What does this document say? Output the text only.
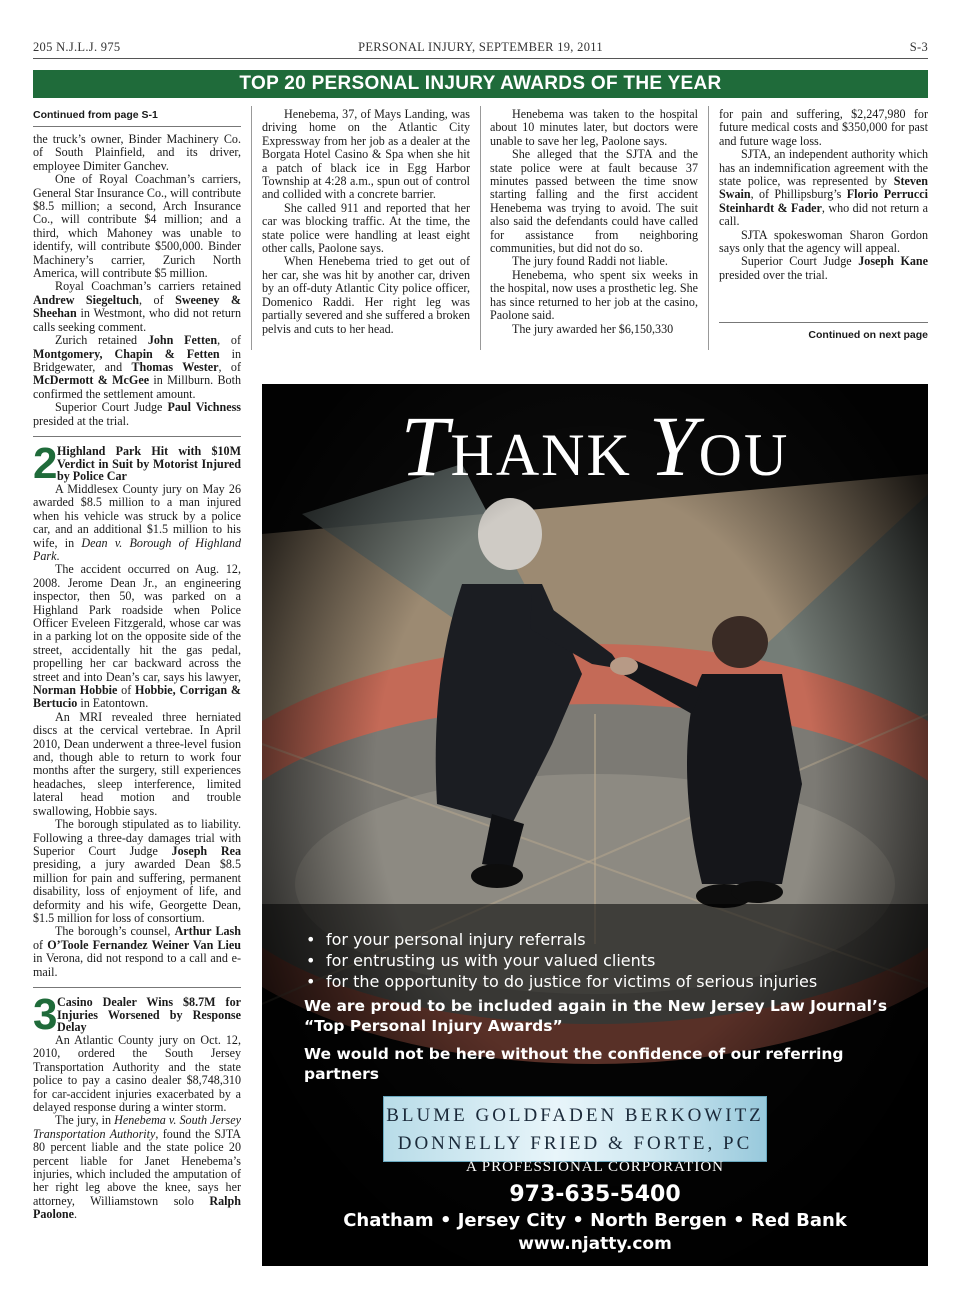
205 N.J.L.J. 975	PERSONAL INJURY, SEPTEMBER 19, 2011	S-3
TOP 20 PERSONAL INJURY AWARDS OF THE YEAR
Continued from page S-1

the truck’s owner, Binder Machinery Co. of South Plainfield, and its driver, employee Dimiter Ganchev.

One of Royal Coachman’s carriers, General Star Insurance Co., will contribute $8.5 million; a second, Arch Insurance Co., will contribute $4 million; and a third, which Mahoney was unable to identify, will contribute $500,000. Binder Machinery’s carrier, Zurich North America, will contribute $5 million.

Royal Coachman’s carriers retained Andrew Siegeltuch, of Sweeney & Sheehan in Westmont, who did not return calls seeking comment.

Zurich retained John Fetten, of Montgomery, Chapin & Fetten in Bridgewater, and Thomas Wester, of McDermott & McGee in Millburn. Both confirmed the settlement amount.

Superior Court Judge Paul Vichness presided at the trial.

2 Highland Park Hit with $10M Verdict in Suit by Motorist Injured by Police Car

A Middlesex County jury on May 26 awarded $8.5 million to a man injured when his vehicle was struck by a police car, and an additional $1.5 million to his wife, in Dean v. Borough of Highland Park.

The accident occurred on Aug. 12, 2008. Jerome Dean Jr., an engineering inspector, then 50, was parked on a Highland Park roadside when Police Officer Eveleen Fitzgerald, whose car was in a parking lot on the opposite side of the street, accidentally hit the gas pedal, propelling her car backward across the street and into Dean’s car, says his lawyer, Norman Hobbie of Hobbie, Corrigan & Bertucio in Eatontown.

An MRI revealed three herniated discs at the cervical vertebrae. In April 2010, Dean underwent a three-level fusion and, though able to return to work four months after the surgery, still experiences headaches, sleep interference, limited lateral head motion and trouble swallowing, Hobbie says.

The borough stipulated as to liability. Following a three-day damages trial with Superior Court Judge Joseph Rea presiding, a jury awarded Dean $8.5 million for pain and suffering, permanent disability, loss of enjoyment of life, and deformity and his wife, Georgette Dean, $1.5 million for loss of consortium.

The borough’s counsel, Arthur Lash of O’Toole Fernandez Weiner Van Lieu in Verona, did not respond to a call and e-mail.

3 Casino Dealer Wins $8.7M for Injuries Worsened by Response Delay

An Atlantic County jury on Oct. 12, 2010, ordered the South Jersey Transportation Authority and the state police to pay a casino dealer $8,748,310 for car-accident injuries exacerbated by a delayed response during a winter storm.

The jury, in Henebema v. South Jersey Transportation Authority, found the SJTA 80 percent liable and the state police 20 percent liable for Janet Henebema’s injuries, which included the amputation of her right leg above the knee, says her attorney, Williamstown solo Ralph Paolone.

Henebema, 37, of Mays Landing, was driving home on the Atlantic City Expressway from her job as a dealer at the Borgata Hotel Casino & Spa when she hit a patch of black ice in Egg Harbor Township at 4:28 a.m., spun out of control and collided with a concrete barrier.

She called 911 and reported that her car was blocking traffic. At the time, the state police were handling at least eight other calls, Paolone says.

When Henebema tried to get out of her car, she was hit by another car, driven by an off-duty Atlantic City police officer, Domenico Raddi. Her right leg was partially severed and she suffered a broken pelvis and cuts to her head.

Henebema was taken to the hospital about 10 minutes later, but doctors were unable to save her leg, Paolone says.

She alleged that the SJTA and the state police were at fault because 37 minutes passed between the time snow starting falling and the first accident Henebema was trying to avoid. The suit also said the defendants could have called for assistance from neighboring communities, but did not do so.

The jury found Raddi not liable.

Henebema, who spent six weeks in the hospital, now uses a prosthetic leg. She has since returned to her job at the casino, Paolone said.

The jury awarded her $6,150,330

for pain and suffering, $2,247,980 for future medical costs and $350,000 for past and future wage loss.

SJTA, an independent authority which has an indemnification agreement with the state police, was represented by Steven Swain, of Phillipsburg’s Florio Perrucci Steinhardt & Fader, who did not return a call.

SJTA spokeswoman Sharon Gordon says only that the agency will appeal.

Superior Court Judge Joseph Kane presided over the trial.

Continued on next page
THANK YOU
• for your personal injury referrals
• for entrusting us with your valued clients
• for the opportunity to do justice for victims of serious injuries
We are proud to be included again in the New Jersey Law Journal’s “Top Personal Injury Awards”
We would not be here without the confidence of our referring partners
BLUME GOLDFADEN BERKOWITZ
DONNELLY FRIED & FORTE, PC
A PROFESSIONAL CORPORATION
973-635-5400
Chatham • Jersey City • North Bergen • Red Bank
www.njatty.com
